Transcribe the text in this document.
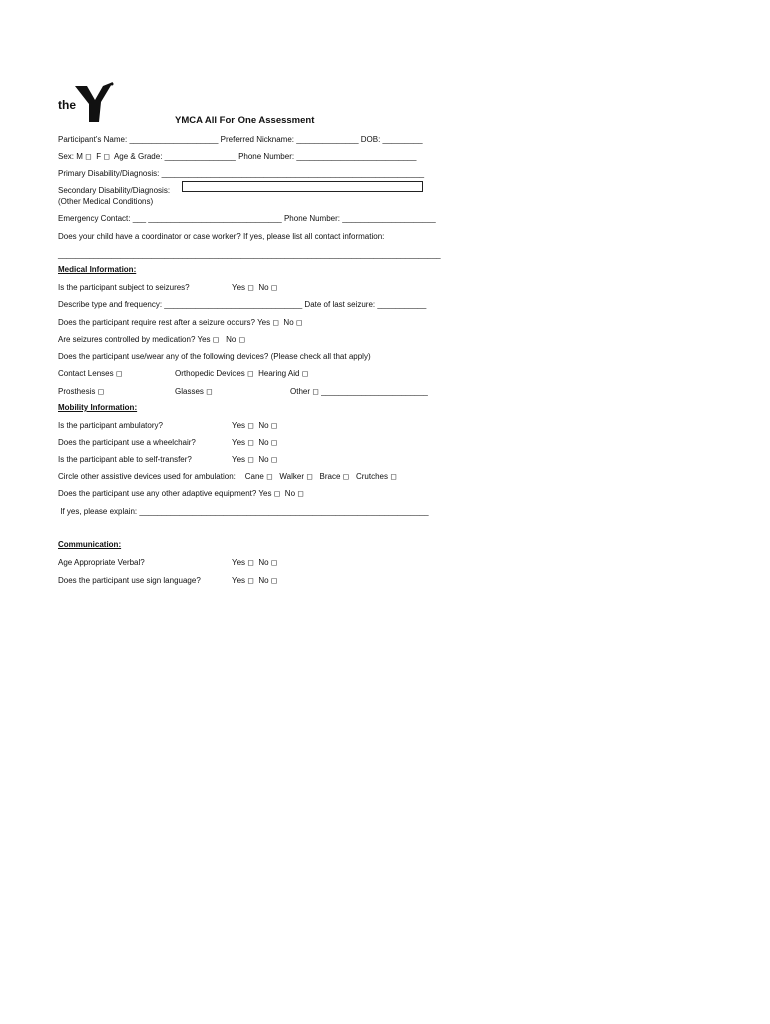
the
YMCA All For One Assessment
Participant’s Name: ____________________ Preferred Nickname: ______________ DOB: _________
Sex: M ◻  F ◻  Age & Grade: ________________ Phone Number: ___________________________
Primary Disability/Diagnosis: ___________________________________________________________
Secondary Disability/Diagnosis:
(Other Medical Conditions)
Emergency Contact: ___ ______________________________ Phone Number: _____________________
Does your child have a coordinator or case worker? If yes, please list all contact information:
______________________________________________________________________________________
Medical Information:
Is the participant subject to seizures?	Yes ◻  No ◻
Describe type and frequency: _______________________________ Date of last seizure: ___________
Does the participant require rest after a seizure occurs? Yes ◻  No ◻
Are seizures controlled by medication? Yes ◻   No ◻
Does the participant use/wear any of the following devices? (Please check all that apply)
Contact Lenses ◻	Orthopedic Devices ◻  Hearing Aid ◻
Prosthesis ◻	Glasses ◻	Other ◻ ________________________
Mobility Information:
Is the participant ambulatory?	Yes ◻  No ◻
Does the participant use a wheelchair?	Yes ◻  No ◻
Is the participant able to self-transfer?	Yes ◻  No ◻
Circle other assistive devices used for ambulation:    Cane ◻   Walker ◻   Brace ◻   Crutches ◻
Does the participant use any other adaptive equipment? Yes ◻  No ◻
If yes, please explain: _________________________________________________________________
Communication:
Age Appropriate Verbal?	Yes ◻  No ◻
Does the participant use sign language?	Yes ◻  No ◻
